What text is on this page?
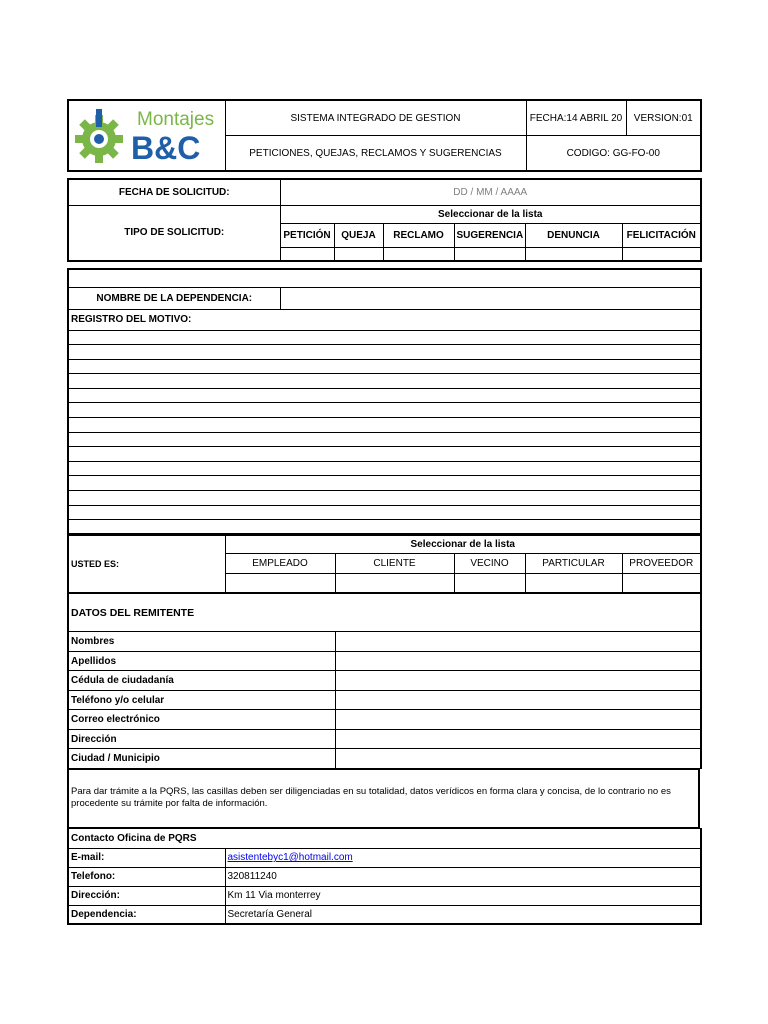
Montajes
B&C	SISTEMA INTEGRADO DE GESTION	FECHA:14 ABRIL 20	VERSION:01
	PETICIONES, QUEJAS, RECLAMOS Y SUGERENCIAS	CODIGO: GG-FO-00	
FECHA DE SOLICITUD:	DD / MM / AAAA					
TIPO DE SOLICITUD:	Seleccionar de la lista					
	PETICIÓN	QUEJA	RECLAMO	SUGERENCIA	DENUNCIA	FELICITACIÓN

NOMBRE DE LA DEPENDENCIA:	
REGISTRO DEL MOTIVO:

USTED ES:	Seleccionar de la lista				
	EMPLEADO	CLIENTE	VECINO	PARTICULAR	PROVEEDOR

DATOS DEL REMITENTE	
Nombres	
Apellidos	
Cédula de ciudadanía	
Teléfono y/o celular	
Correo electrónico	
Dirección	
Ciudad / Municipio	
Para dar trámite a la PQRS, las casillas deben ser diligenciadas en su totalidad, datos verídicos en forma clara y concisa, de lo contrario no es procedente su trámite por falta de información.
Contacto Oficina de PQRS	
E-mail:	asistentebyc1@hotmail.com
Telefono:	320811240
Dirección:	Km 11 Via monterrey
Dependencia:	Secretaría General
